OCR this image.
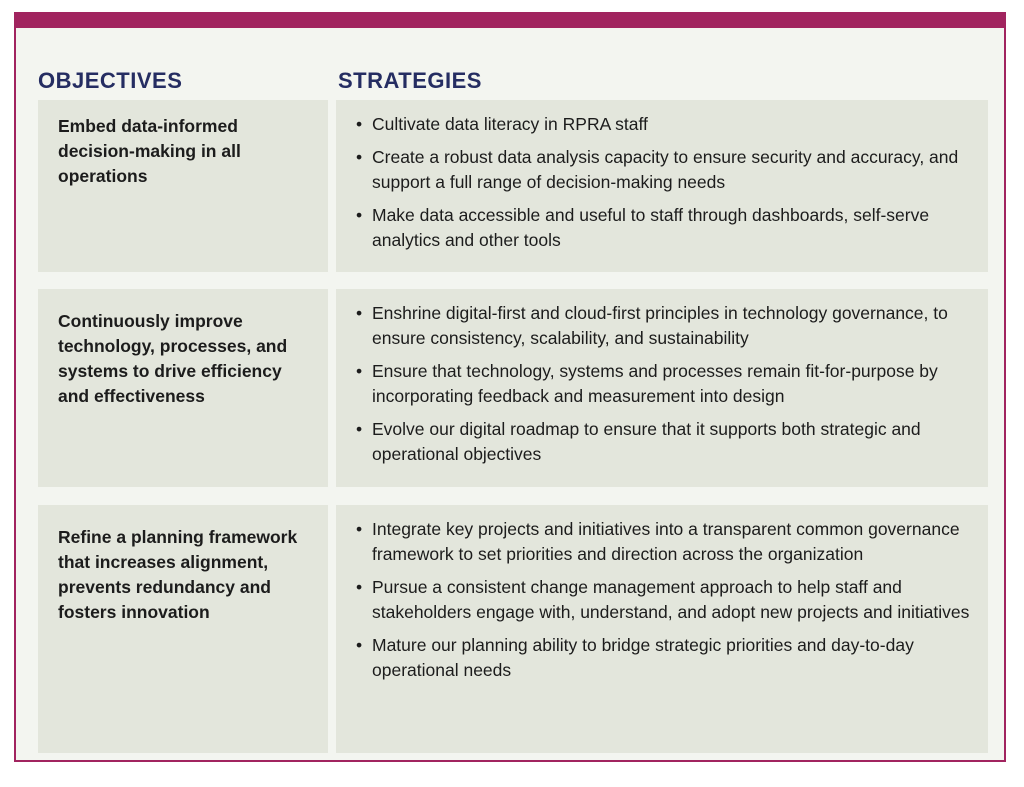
OBJECTIVES	STRATEGIES

Embed data-informed decision-making in all operations

• Cultivate data literacy in RPRA staff
• Create a robust data analysis capacity to ensure security and accuracy, and support a full range of decision-making needs
• Make data accessible and useful to staff through dashboards, self-serve analytics and other tools

Continuously improve technology, processes, and systems to drive efficiency and effectiveness

• Enshrine digital-first and cloud-first principles in technology governance, to ensure consistency, scalability, and sustainability
• Ensure that technology, systems and processes remain fit-for-purpose by incorporating feedback and measurement into design
• Evolve our digital roadmap to ensure that it supports both strategic and operational objectives

Refine a planning framework that increases alignment, prevents redundancy and fosters innovation

• Integrate key projects and initiatives into a transparent common governance framework to set priorities and direction across the organization
• Pursue a consistent change management approach to help staff and stakeholders engage with, understand, and adopt new projects and initiatives
• Mature our planning ability to bridge strategic priorities and day-to-day operational needs
